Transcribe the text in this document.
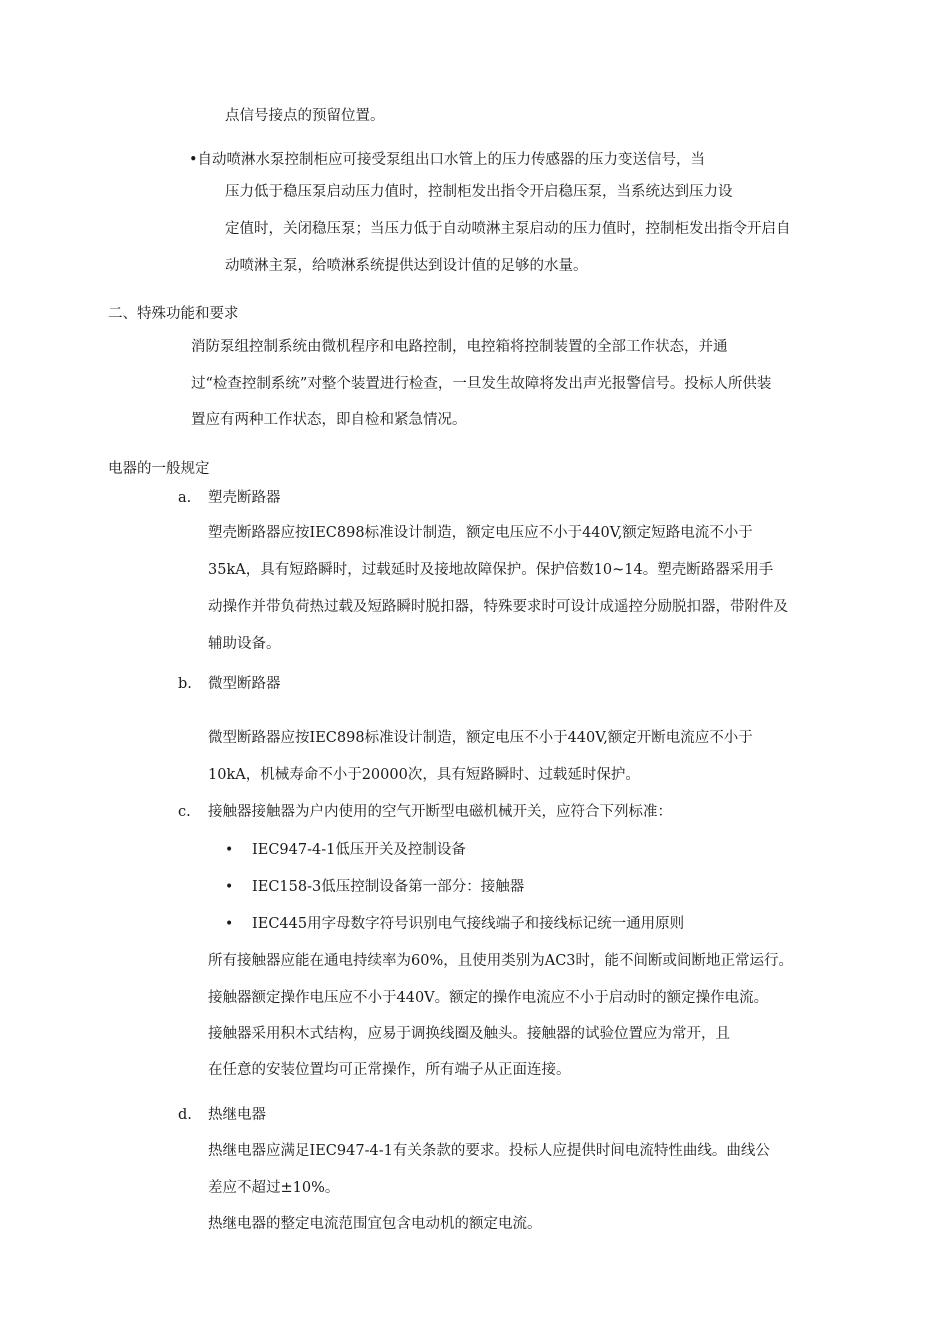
点信号接点的预留位置。
•自动喷淋水泵控制柜应可接受泵组出口水管上的压力传感器的压力变送信号，当
压力低于稳压泵启动压力值时，控制柜发出指令开启稳压泵，当系统达到压力设
定值时，关闭稳压泵；当压力低于自动喷淋主泵启动的压力值时，控制柜发出指令开启自
动喷淋主泵，给喷淋系统提供达到设计值的足够的水量。
二、特殊功能和要求
消防泵组控制系统由微机程序和电路控制，电控箱将控制装置的全部工作状态，并通
过“检查控制系统”对整个装置进行检查，一旦发生故障将发出声光报警信号。投标人所供装
置应有两种工作状态，即自检和紧急情况。
电器的一般规定
a. 塑壳断路器
塑壳断路器应按IEC898标准设计制造，额定电压应不小于440V,额定短路电流不小于
35kA，具有短路瞬时，过载延时及接地故障保护。保护倍数10~14。塑壳断路器采用手
动操作并带负荷热过载及短路瞬时脱扣器，特殊要求时可设计成遥控分励脱扣器，带附件及
辅助设备。
b. 微型断路器
微型断路器应按IEC898标准设计制造，额定电压不小于440V,额定开断电流应不小于
10kA，机械寿命不小于20000次，具有短路瞬时、过载延时保护。
c. 接触器接触器为户内使用的空气开断型电磁机械开关，应符合下列标准：
• IEC947-4-1低压开关及控制设备
• IEC158-3低压控制设备第一部分：接触器
• IEC445用字母数字符号识别电气接线端子和接线标记统一通用原则
所有接触器应能在通电持续率为60%，且使用类别为AC3时，能不间断或间断地正常运行。
接触器额定操作电压应不小于440V。额定的操作电流应不小于启动时的额定操作电流。
接触器采用积木式结构，应易于调换线圈及触头。接触器的试验位置应为常开，且
在任意的安装位置均可正常操作，所有端子从正面连接。
d. 热继电器
热继电器应满足IEC947-4-1有关条款的要求。投标人应提供时间电流特性曲线。曲线公
差应不超过±10%。
热继电器的整定电流范围宜包含电动机的额定电流。
